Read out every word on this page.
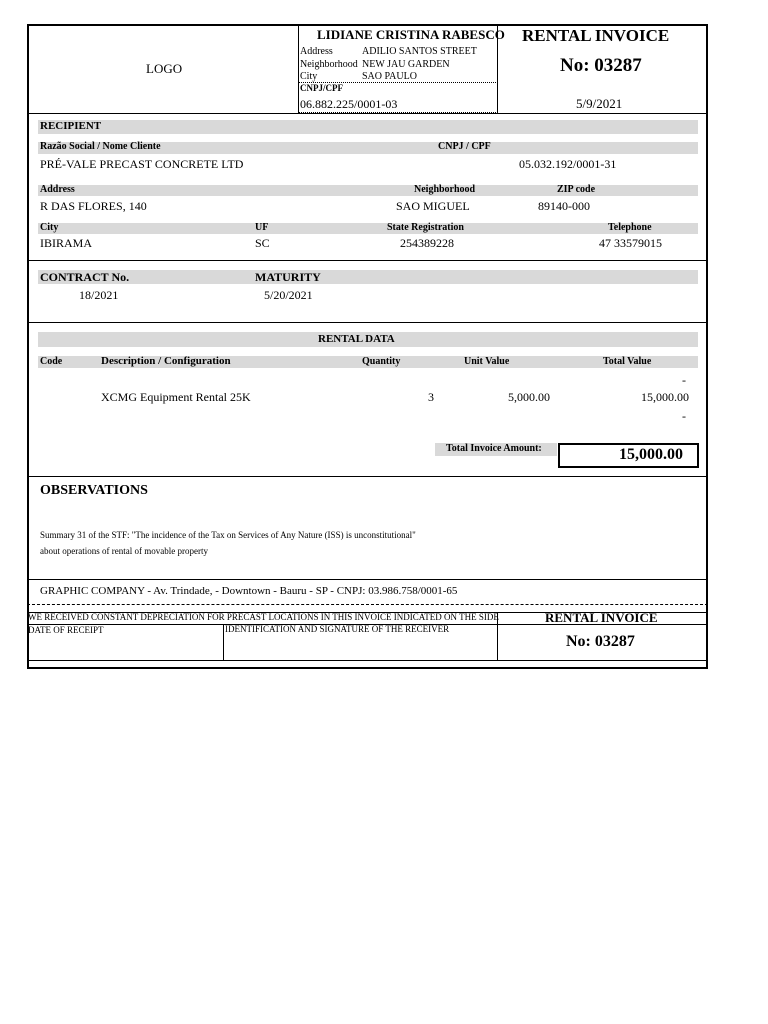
LOGO
LIDIANE CRISTINA RABESCO
Address	ADILIO SANTOS STREET
Neighborhood NEW JAU GARDEN
City	SAO PAULO
CNPJ/CPF
06.882.225/0001-03
RENTAL INVOICE
No: 03287
5/9/2021
RECIPIENT
Razão Social / Nome Cliente	CNPJ / CPF
PRÉ-VALE PRECAST CONCRETE LTD	05.032.192/0001-31
Address	Neighborhood	ZIP code
R DAS FLORES, 140	SAO MIGUEL	89140-000
City	UF	State Registration	Telephone
IBIRAMA	SC	254389228	47 33579015
CONTRACT No.	MATURITY
18/2021	5/20/2021
RENTAL DATA
Code	Description / Configuration	Quantity	Unit Value	Total Value
-
XCMG Equipment Rental 25K	3	5,000.00	15,000.00
-
Total Invoice Amount:	15,000.00
OBSERVATIONS
Summary 31 of the STF: "The incidence of the Tax on Services of Any Nature (ISS) is unconstitutional"
about operations of rental of movable property
GRAPHIC COMPANY - Av. Trindade, - Downtown - Bauru - SP - CNPJ: 03.986.758/0001-65
WE RECEIVED CONSTANT DEPRECIATION FOR PRECAST LOCATIONS IN THIS INVOICE INDICATED ON THE SIDE	RENTAL INVOICE
DATE OF RECEIPT	IDENTIFICATION AND SIGNATURE OF THE RECEIVER
No: 03287
